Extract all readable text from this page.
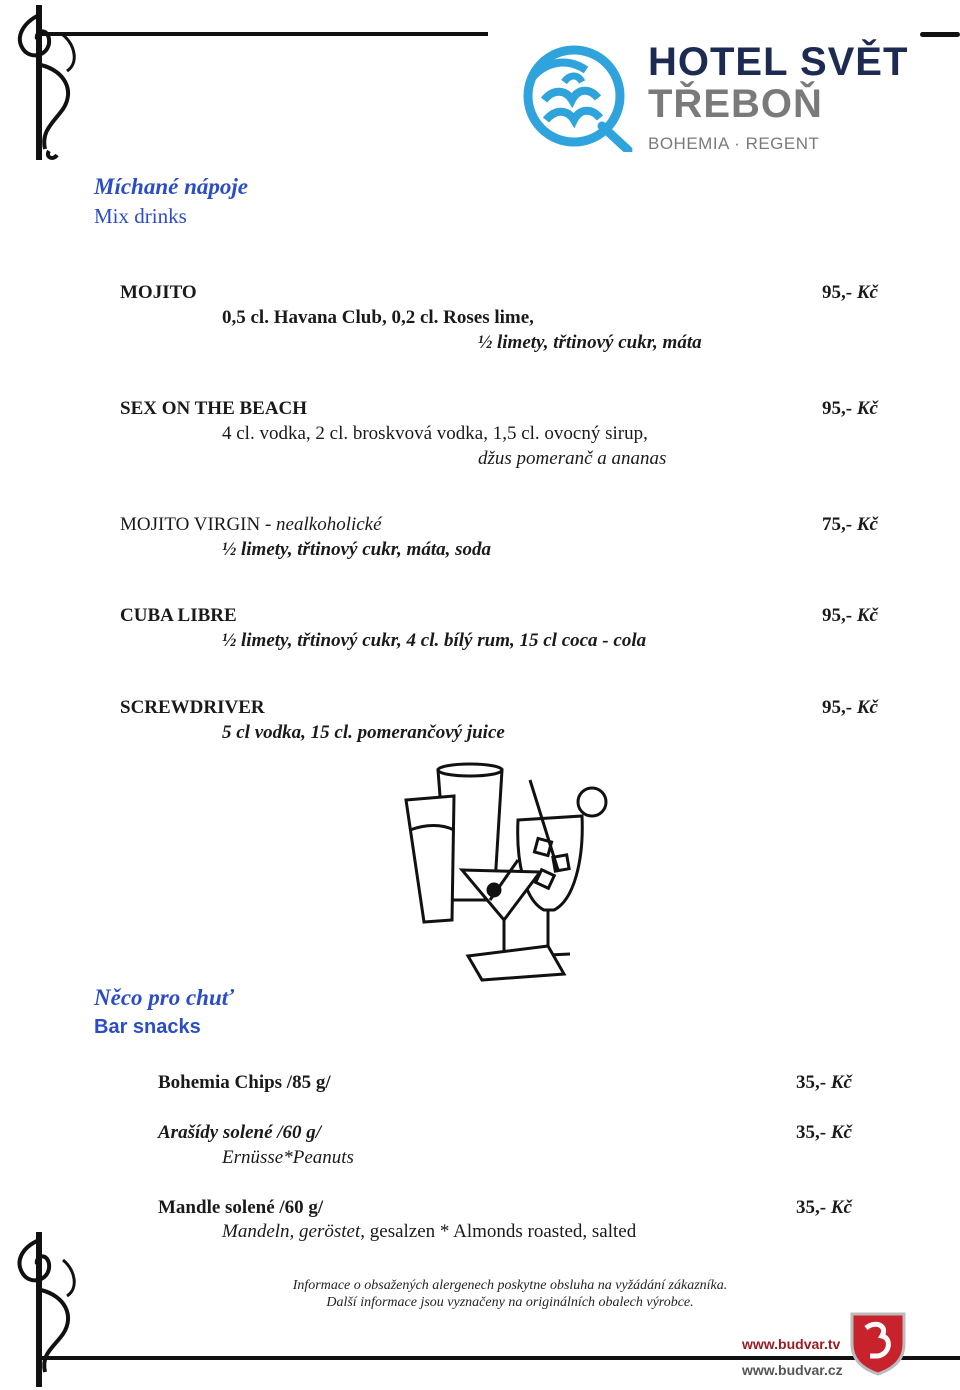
HOTEL SVĚT
TŘEBOŇ
BOHEMIA · REGENT
Míchané nápoje
Mix drinks
MOJITO
0,5 cl. Havana Club, 0,2 cl. Roses lime,
½ limety, třtinový cukr, máta
95,- Kč
SEX ON THE BEACH
4 cl. vodka, 2 cl. broskvová vodka, 1,5 cl. ovocný sirup,
džus pomeranč a ananas
95,- Kč
MOJITO VIRGIN - nealkoholické
½ limety, třtinový cukr, máta, soda
75,- Kč
CUBA LIBRE
½ limety, třtinový cukr, 4 cl. bílý rum, 15 cl coca - cola
95,- Kč
SCREWDRIVER
5 cl vodka, 15 cl. pomerančový juice
95,- Kč
Něco pro chuť
Bar snacks
Bohemia Chips /85 g/	35,- Kč
Arašídy solené /60 g/
Ernüsse*Peanuts
35,- Kč
Mandle solené /60 g/
Mandeln, geröstet, gesalzen * Almonds roasted, salted
35,- Kč
Informace o obsažených alergenech poskytne obsluha na vyžádání zákazníka.
Další informace jsou vyznačeny na originálních obalech výrobce.
www.budvar.tv
www.budvar.cz
